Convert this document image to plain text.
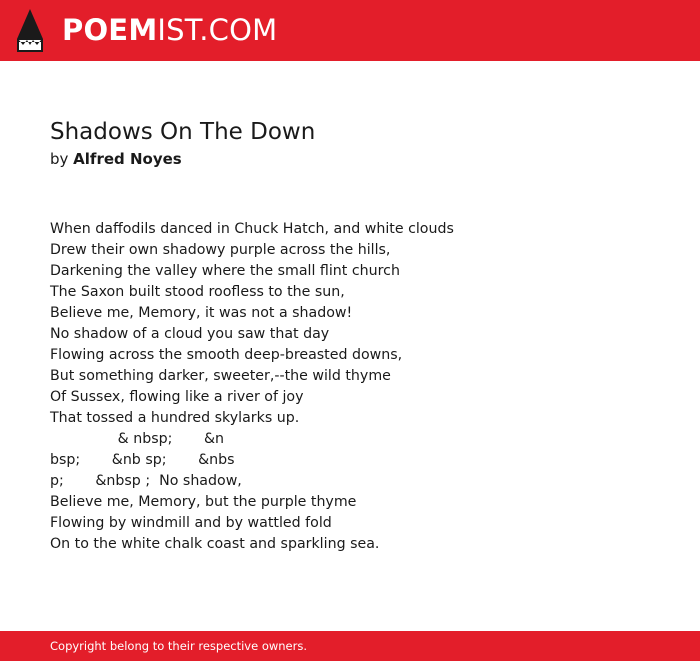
POEMIST.COM
Shadows On The Down
by Alfred Noyes
When daffodils danced in Chuck Hatch, and white clouds
Drew their own shadowy purple across the hills,
Darkening the valley where the small flint church
The Saxon built stood roofless to the sun,
Believe me, Memory, it was not a shadow!
No shadow of a cloud you saw that day
Flowing across the smooth deep-breasted downs,
But something darker, sweeter,--the wild thyme
Of Sussex, flowing like a river of joy
That tossed a hundred skylarks up.
& nbsp;       &n
bsp;       &nb sp;       &nbs
p;       &nbsp ;  No shadow,
Believe me, Memory, but the purple thyme
Flowing by windmill and by wattled fold
On to the white chalk coast and sparkling sea.
Copyright belong to their respective owners.
